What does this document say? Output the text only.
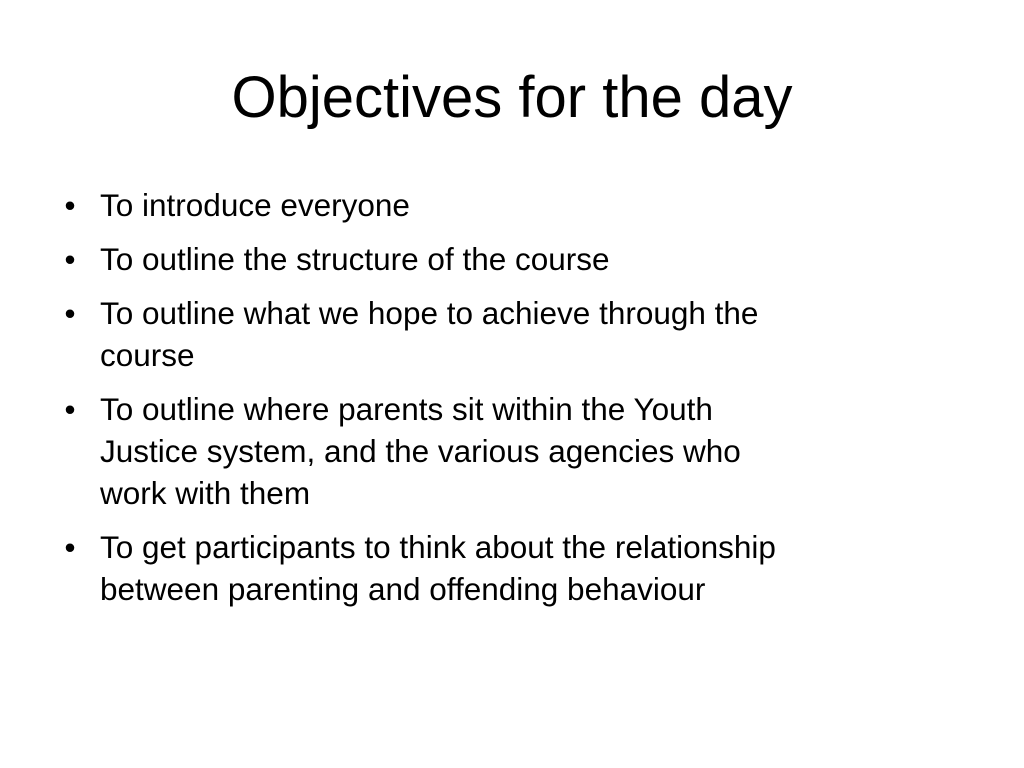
Objectives for the day
• To introduce everyone
• To outline the structure of the course
• To outline what we hope to achieve through the course
• To outline where parents sit within the Youth Justice system, and the various agencies who work with them
• To get participants to think about the relationship between parenting and offending behaviour
